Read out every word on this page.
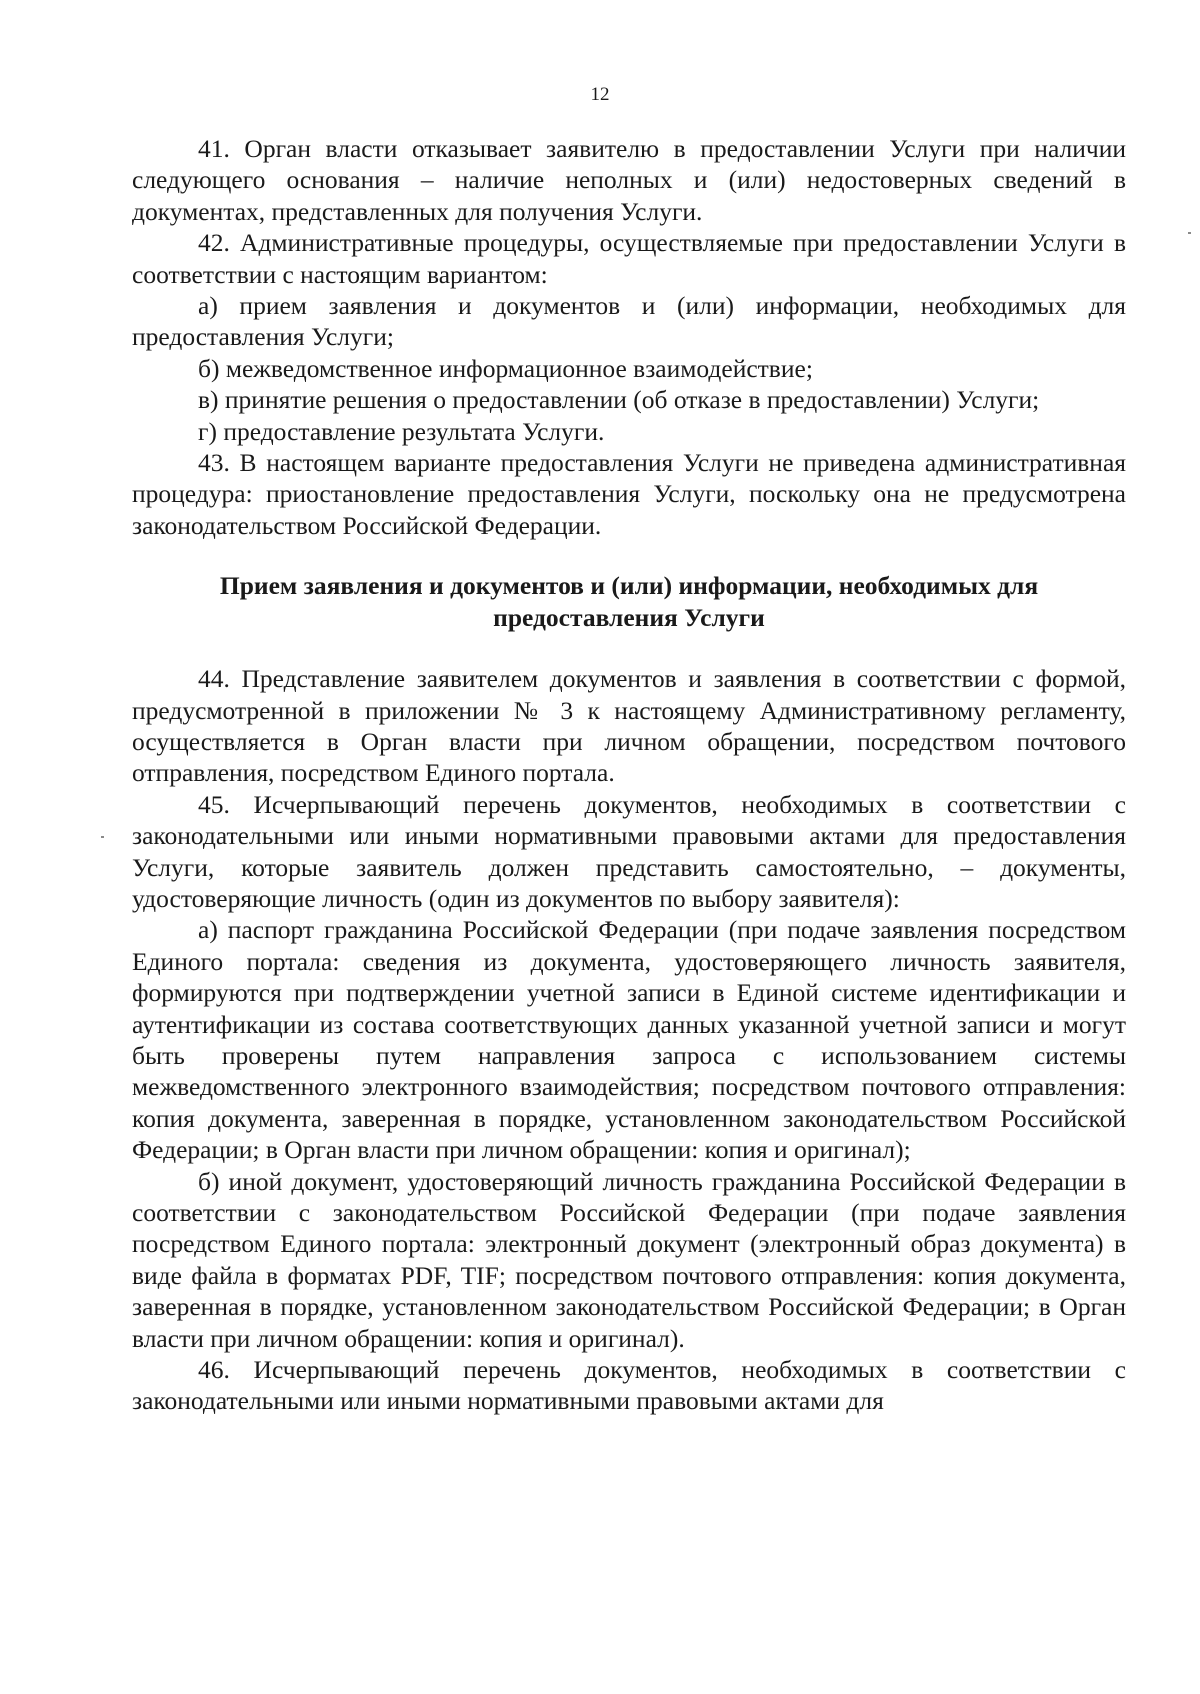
12

41. Орган власти отказывает заявителю в предоставлении Услуги при наличии следующего основания – наличие неполных и (или) недостоверных сведений в документах, представленных для получения Услуги.

42. Административные процедуры, осуществляемые при предоставлении Услуги в соответствии с настоящим вариантом:

а) прием заявления и документов и (или) информации, необходимых для предоставления Услуги;

б) межведомственное информационное взаимодействие;

в) принятие решения о предоставлении (об отказе в предоставлении) Услуги;

г) предоставление результата Услуги.

43. В настоящем варианте предоставления Услуги не приведена административная процедура: приостановление предоставления Услуги, поскольку она не предусмотрена законодательством Российской Федерации.

Прием заявления и документов и (или) информации, необходимых для
предоставления Услуги

44. Представление заявителем документов и заявления в соответствии с формой, предусмотренной в приложении № 3 к настоящему Административному регламенту, осуществляется в Орган власти при личном обращении, посредством почтового отправления, посредством Единого портала.

45. Исчерпывающий перечень документов, необходимых в соответствии с законодательными или иными нормативными правовыми актами для предоставления Услуги, которые заявитель должен представить самостоятельно, – документы, удостоверяющие личность (один из документов по выбору заявителя):

а) паспорт гражданина Российской Федерации (при подаче заявления посредством Единого портала: сведения из документа, удостоверяющего личность заявителя, формируются при подтверждении учетной записи в Единой системе идентификации и аутентификации из состава соответствующих данных указанной учетной записи и могут быть проверены путем направления запроса с использованием системы межведомственного электронного взаимодействия; посредством почтового отправления: копия документа, заверенная в порядке, установленном законодательством Российской Федерации; в Орган власти при личном обращении: копия и оригинал);

б) иной документ, удостоверяющий личность гражданина Российской Федерации в соответствии с законодательством Российской Федерации (при подаче заявления посредством Единого портала: электронный документ (электронный образ документа) в виде файла в форматах PDF, TIF; посредством почтового отправления: копия документа, заверенная в порядке, установленном законодательством Российской Федерации; в Орган власти при личном обращении: копия и оригинал).

46. Исчерпывающий перечень документов, необходимых в соответствии с законодательными или иными нормативными правовыми актами для
